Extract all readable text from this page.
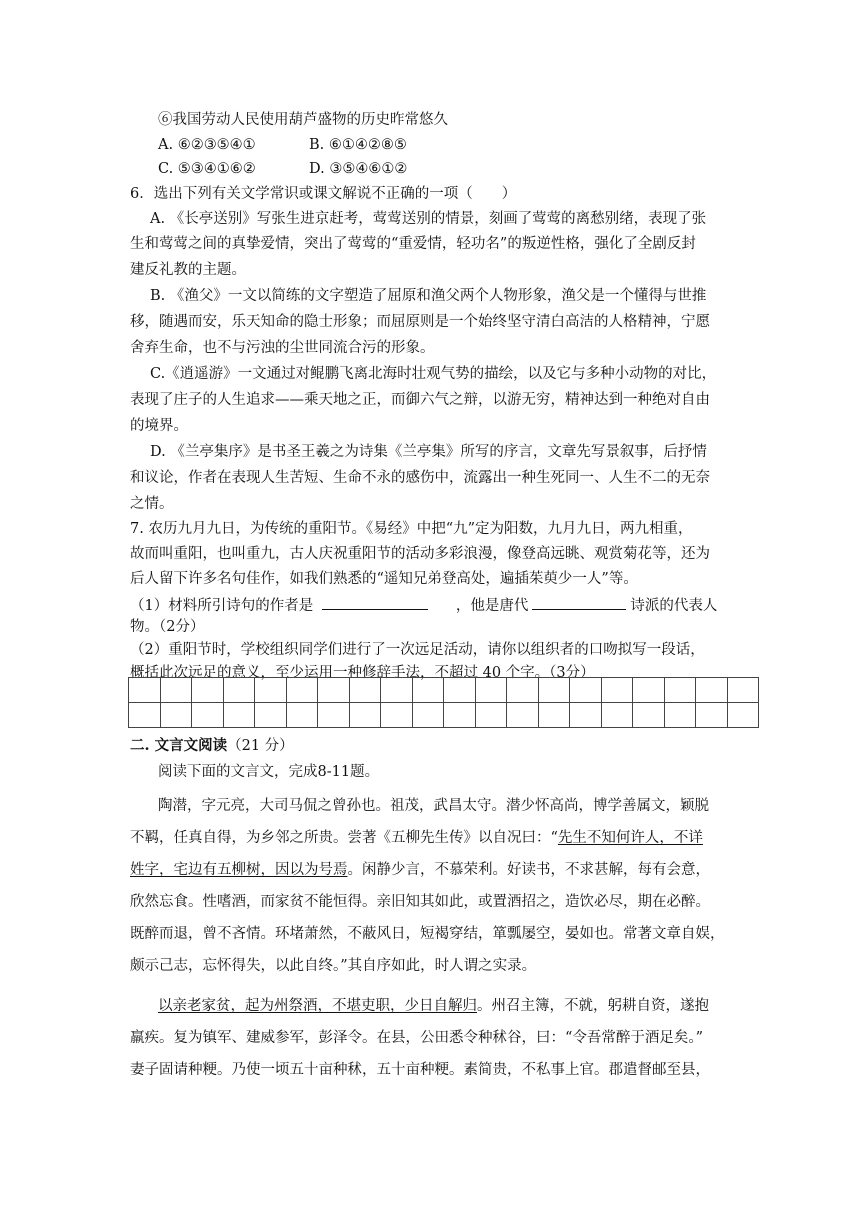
⑥我国劳动人民使用葫芦盛物的历史昨常悠久
A. ⑥②③⑤④①	B. ⑥①④②⑧⑤
C. ⑤③④①⑥②	D. ③⑤④⑥①②
6．选出下列有关文学常识或课文解说不正确的一项（　　）
A. 《长亭送别》写张生进京赶考，莺莺送别的情景，刻画了莺莺的离愁别绪，表现了张
生和莺莺之间的真挚爱情，突出了莺莺的“重爱情，轻功名”的叛逆性格，强化了全剧反封
建反礼教的主题。
B. 《渔父》一文以简练的文字塑造了屈原和渔父两个人物形象，渔父是一个懂得与世推
移，随遇而安，乐天知命的隐士形象；而屈原则是一个始终坚守清白高洁的人格精神，宁愿
舍弃生命，也不与污浊的尘世同流合污的形象。
C.《逍遥游》一文通过对鲲鹏飞离北海时壮观气势的描绘，以及它与多种小动物的对比，
表现了庄子的人生追求——乘天地之正，而御六气之辩，以游无穷，精神达到一种绝对自由
的境界。
D. 《兰亭集序》是书圣王羲之为诗集《兰亭集》所写的序言，文章先写景叙事，后抒情
和议论，作者在表现人生苦短、生命不永的感伤中，流露出一种生死同一、人生不二的无奈
之情。
7. 农历九月九日，为传统的重阳节。《易经》中把“九”定为阳数，九月九日，两九相重，
故而叫重阳，也叫重九，古人庆祝重阳节的活动多彩浪漫，像登高远眺、观赏菊花等，还为
后人留下许多名句佳作，如我们熟悉的“遥知兄弟登高处，遍插茱萸少一人”等。
（1）材料所引诗句的作者是	，他是唐代	诗派的代表人
物。（2分）
（2）重阳节时，学校组织同学们进行了一次远足活动，请你以组织者的口吻拟写一段话，
概括此次远足的意义，至少运用一种修辞手法，不超过 40 个字。（3分）

二. 文言文阅读（21 分）
阅读下面的文言文，完成8-11题。
陶潜，字元亮，大司马侃之曾孙也。祖茂，武昌太守。潜少怀高尚，博学善属文，颖脱
不羁，任真自得，为乡邻之所贵。尝著《五柳先生传》以自况曰：“先生不知何许人，不详
姓字，宅边有五柳树，因以为号焉。闲静少言，不慕荣利。好读书，不求甚解，每有会意，
欣然忘食。性嗜酒，而家贫不能恒得。亲旧知其如此，或置酒招之，造饮必尽，期在必醉。
既醉而退，曾不吝情。环堵萧然，不蔽风日，短褐穿结，箪瓢屡空，晏如也。常著文章自娱，
颇示己志，忘怀得失，以此自终。”其自序如此，时人谓之实录。
以亲老家贫，起为州祭酒，不堪吏职，少日自解归。州召主簿，不就，躬耕自资，遂抱
羸疾。复为镇军、建威参军，彭泽令。在县，公田悉令种秫谷，曰：“令吾常醉于酒足矣。”
妻子固请种粳。乃使一顷五十亩种秫，五十亩种粳。素简贵，不私事上官。郡遣督邮至县，
